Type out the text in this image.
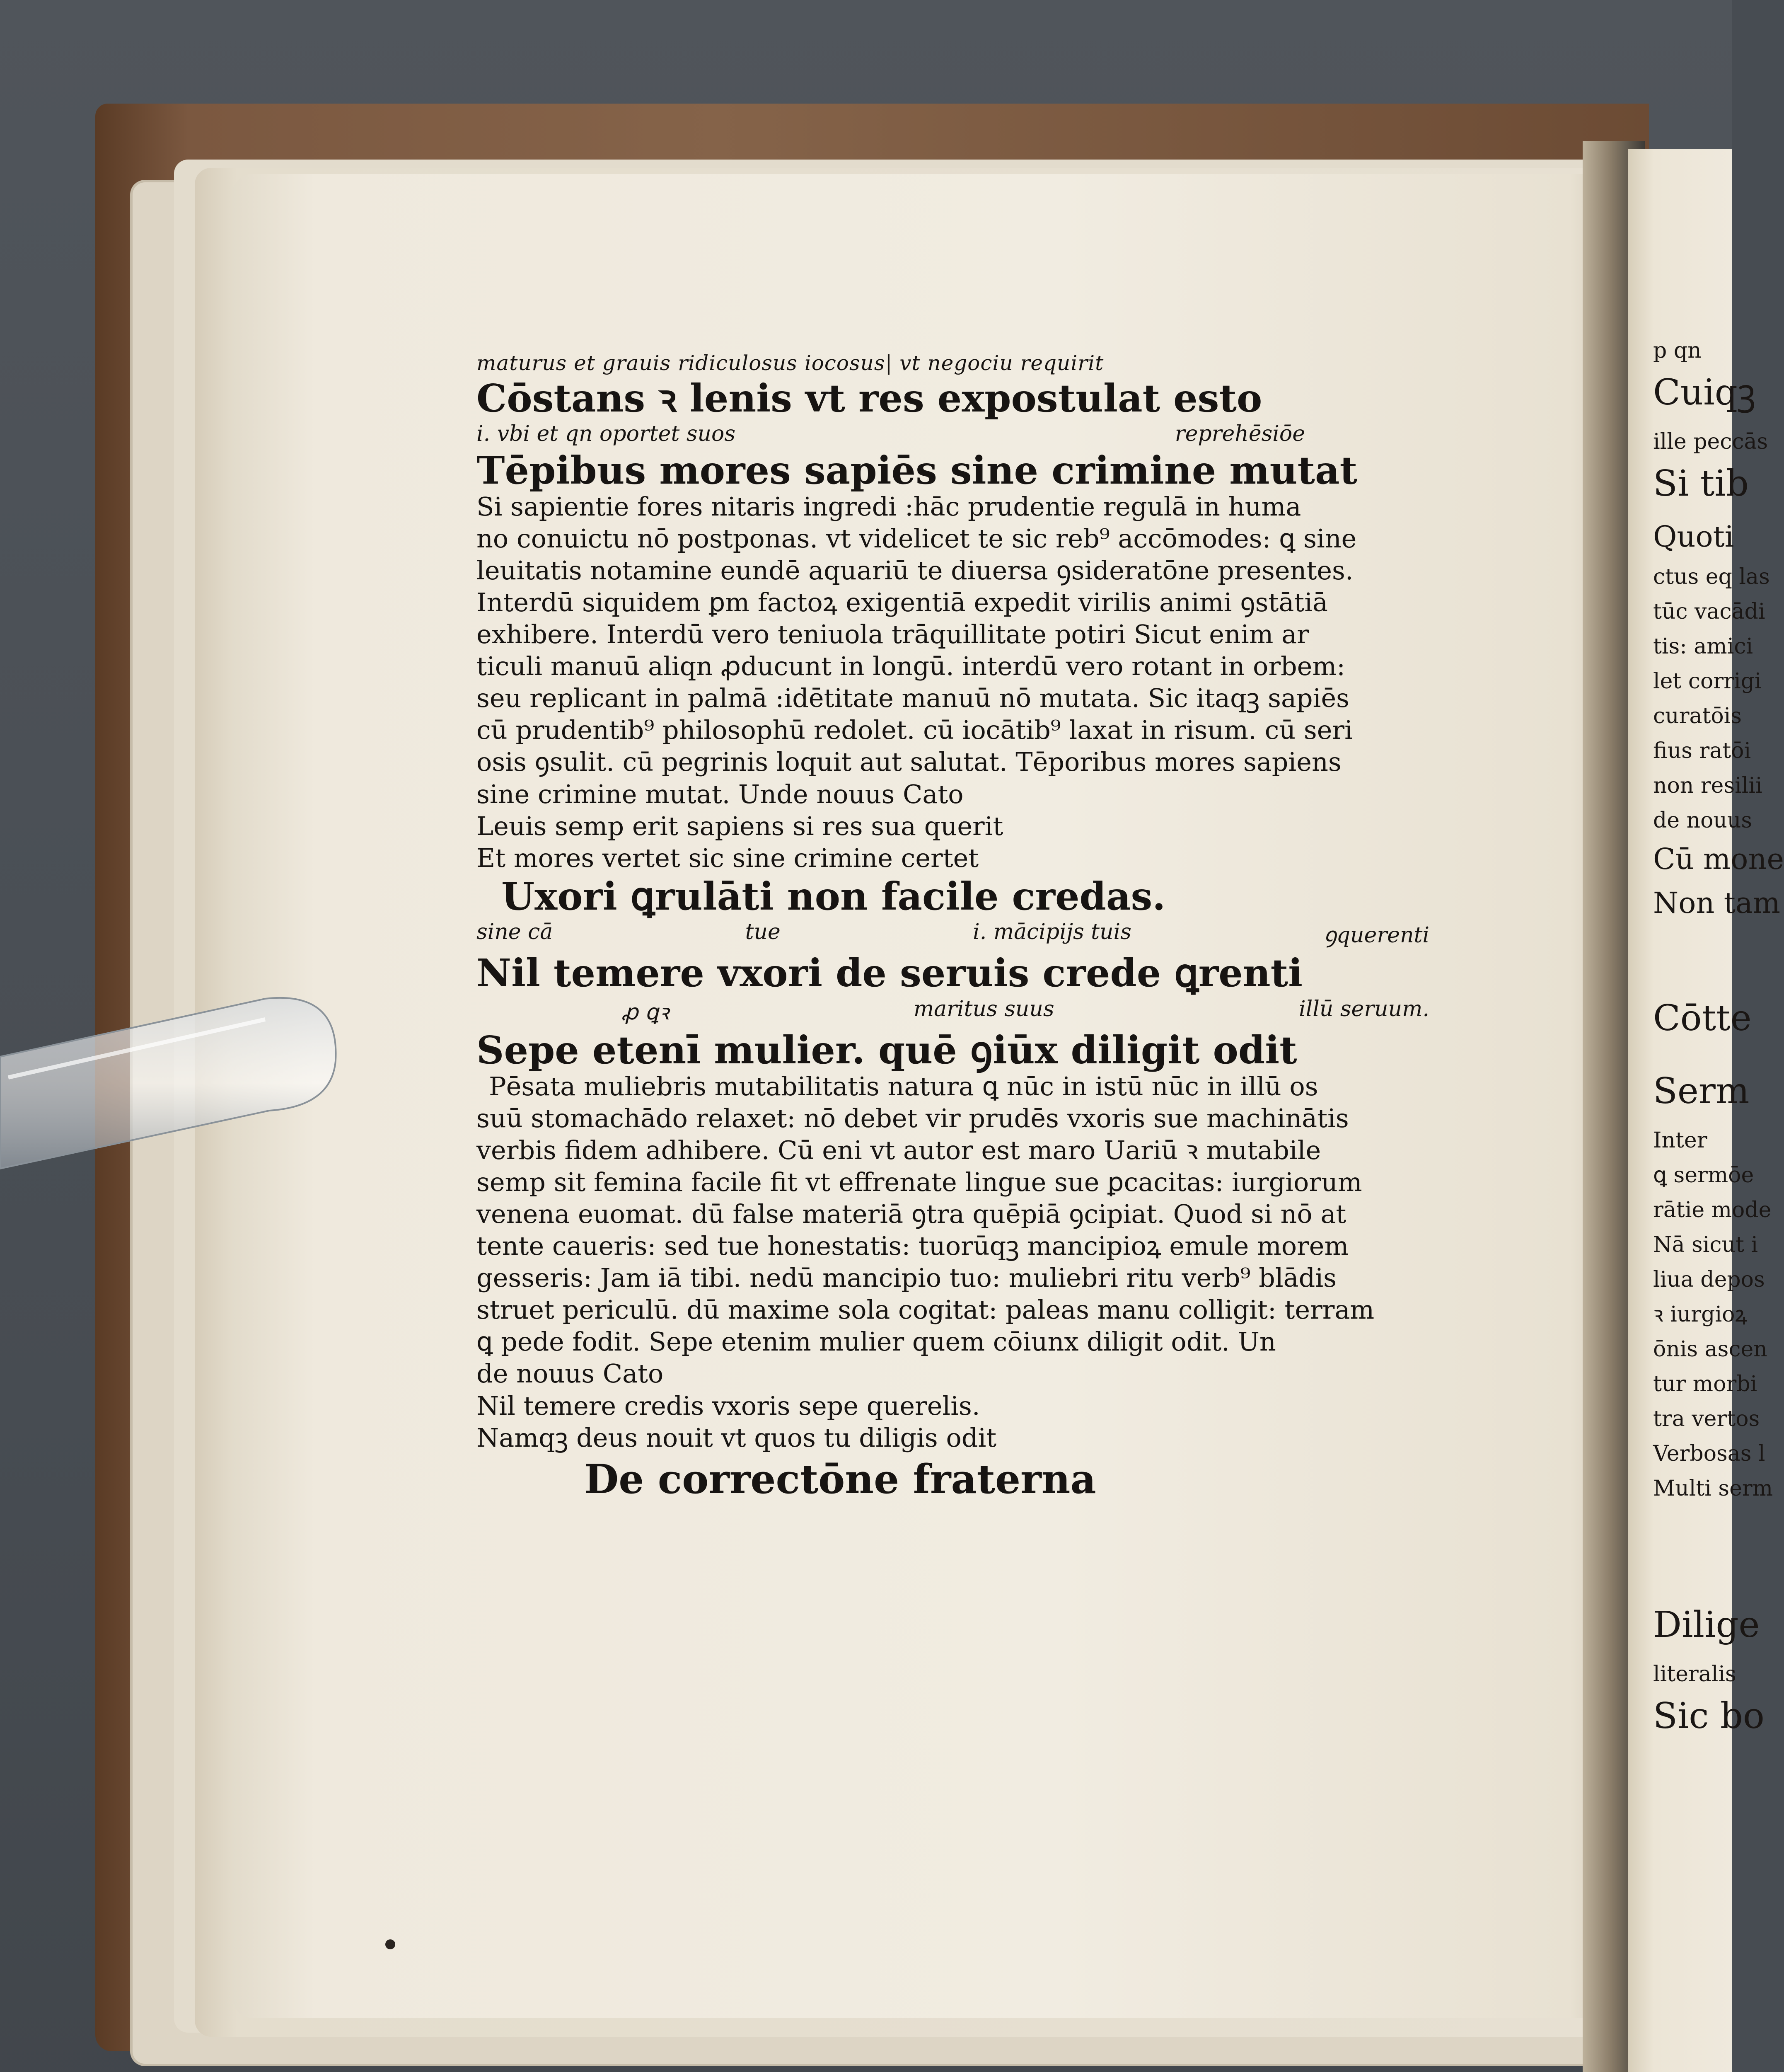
p qn
Cuiqꝫ
ille peccās
Si tib
Quoti
ctus eq las
tūc vacādi
tis: amici
let corrigi
curatōis
fius ratōi
non resilii
de nouus
Cū mone
Non tam
Cōtte
Serm
Inter
ꝗ sermōe
rātie mode
Nā sicut i
liua depos
ꝛ iurgioꝝ
ōnis ascen
tur morbi
tra vertos
Verbosas l
Multi serm
Dilige
literalis
Sic bo
maturus et grauis ridiculosus iocosus| vt negociu requirit
Cōstans ꝛ lenis vt res expostulat esto
i. vbi et qn oportet suos	reprehēsiōe
Tēpibus mores sapiēs sine crimine mutat
Si sapientie fores nitaris ingredi :hāc prudentie regulā in huma
no conuictu nō postponas. vt videlicet te sic reb⁹ accōmodes: ꝗ sine
leuitatis notamine eundē aquariū te diuersa ꝯsideratōne presentes.
Interdū siquidem ꝑm factoꝝ exigentiā expedit virilis animi ꝯstātiā
exhibere. Interdū vero teniuola trāquillitate potiri Sicut enim ar
ticuli manuū aliqn ꝓducunt in longū. interdū vero rotant in orbem:
seu replicant in palmā :idētitate manuū nō mutata. Sic itaqꝫ sapiēs
cū prudentib⁹ philosophū redolet. cū iocātib⁹ laxat in risum. cū seri
osis ꝯsulit. cū pegrinis loquit aut salutat. Tēporibus mores sapiens
sine crimine mutat. Unde nouus Cato
Leuis semp erit sapiens si res sua querit
Et mores vertet sic sine crimine certet
Uxori ꝗrulāti non facile credas.
sine cā	tue	i. mācipijs tuis	ꝯquerenti
Nil temere vxori de seruis crede ꝗrenti
ꝓ ꝗꝛ	maritus suus	illū seruum.
Sepe etenī mulier. quē ꝯiūx diligit odit
Pēsata muliebris mutabilitatis natura ꝗ nūc in istū nūc in illū os
suū stomachādo relaxet: nō debet vir prudēs vxoris sue machinātis
verbis fidem adhibere. Cū eni vt autor est maro Uariū ꝛ mutabile
semp sit femina facile fit vt effrenate lingue sue ꝑcacitas: iurgiorum
venena euomat. dū false materiā ꝯtra quēpiā ꝯcipiat. Quod si nō at
tente caueris: sed tue honestatis: tuorūqꝫ mancipioꝝ emule morem
gesseris: Jam iā tibi. nedū mancipio tuo: muliebri ritu verb⁹ blādis
struet periculū. dū maxime sola cogitat: paleas manu colligit: terram
ꝗ pede fodit. Sepe etenim mulier quem cōiunx diligit odit. Un
de nouus Cato
Nil temere credis vxoris sepe querelis.
Namqꝫ deus nouit vt quos tu diligis odit
De correctōne fraterna
